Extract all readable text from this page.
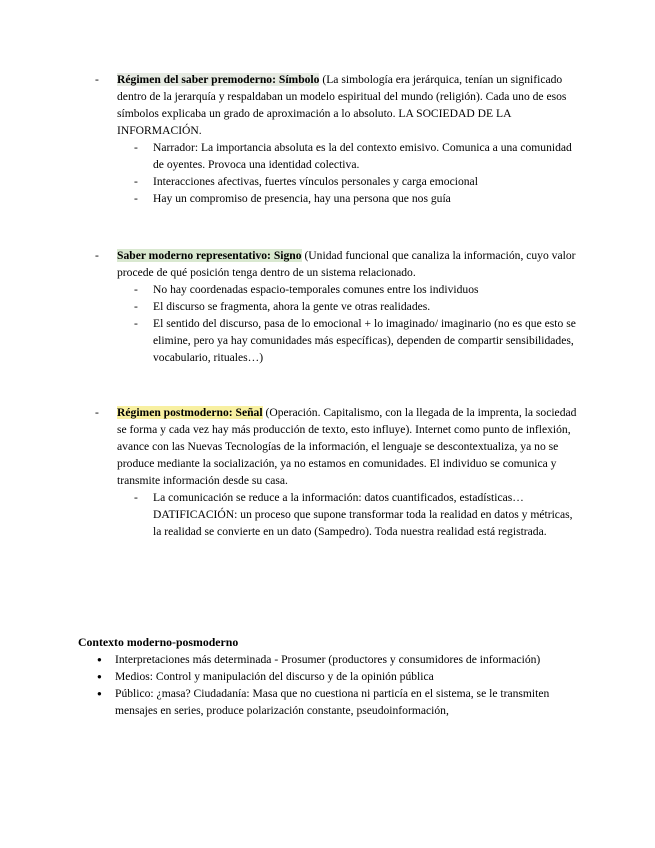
-	Régimen del saber premoderno: Símbolo (La simbología era jerárquica, tenían un significado dentro de la jerarquía y respaldaban un modelo espiritual del mundo (religión). Cada uno de esos símbolos explicaba un grado de aproximación a lo absoluto. LA SOCIEDAD DE LA INFORMACIÓN.

-	Narrador: La importancia absoluta es la del contexto emisivo. Comunica a una comunidad de oyentes. Provoca una identidad colectiva.

-	Interacciones afectivas, fuertes vínculos personales y carga emocional

-	Hay un compromiso de presencia, hay una persona que nos guía

-	Saber moderno representativo: Signo (Unidad funcional que canaliza la información, cuyo valor procede de qué posición tenga dentro de un sistema relacionado.

-	No hay coordenadas espacio-temporales comunes entre los individuos

-	El discurso se fragmenta, ahora la gente ve otras realidades.

-	El sentido del discurso, pasa de lo emocional + lo imaginado/ imaginario (no es que esto se elimine, pero ya hay comunidades más específicas), dependen de compartir sensibilidades, vocabulario, rituales…)

-	Régimen postmoderno: Señal (Operación. Capitalismo, con la llegada de la imprenta, la sociedad se forma y cada vez hay más producción de texto, esto influye). Internet como punto de inflexión, avance con las Nuevas Tecnologías de la información, el lenguaje se descontextualiza, ya no se produce mediante la socialización, ya no estamos en comunidades. El individuo se comunica y transmite información desde su casa.

-	La comunicación se reduce a la información: datos cuantificados, estadísticas… DATIFICACIÓN: un proceso que supone transformar toda la realidad en datos y métricas, la realidad se convierte en un dato (Sampedro). Toda nuestra realidad está registrada.

Contexto moderno-posmoderno

●	Interpretaciones más determinada - Prosumer (productores y consumidores de información)

●	Medios: Control y manipulación del discurso y de la opinión pública

●	Público: ¿masa? Ciudadanía: Masa que no cuestiona ni particía en el sistema, se le transmiten mensajes en series, produce polarización constante, pseudoinformación,
